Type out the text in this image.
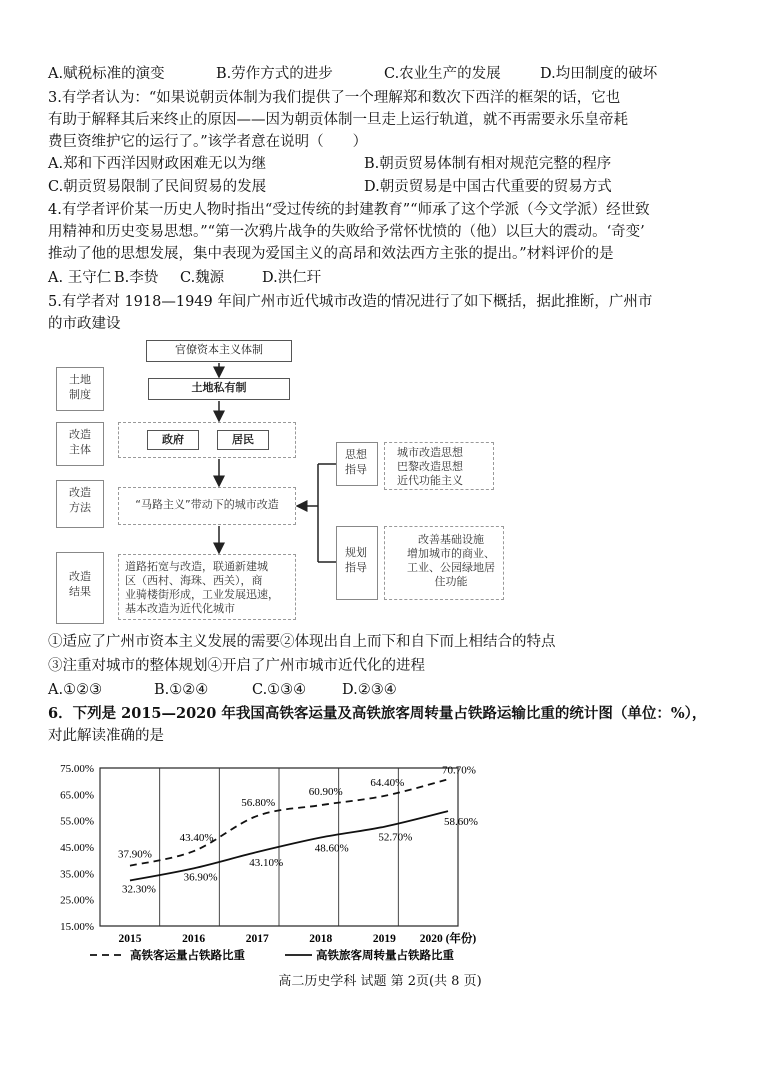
A.赋税标准的演变	B.劳作方式的进步	C.农业生产的发展	D.均田制度的破坏
3.有学者认为：“如果说朝贡体制为我们提供了一个理解郑和数次下西洋的框架的话，它也
有助于解释其后来终止的原因——因为朝贡体制一旦走上运行轨道，就不再需要永乐皇帝耗
费巨资维护它的运行了。”该学者意在说明（　　）
A.郑和下西洋因财政困难无以为继	B.朝贡贸易体制有相对规范完整的程序
C.朝贡贸易限制了民间贸易的发展	D.朝贡贸易是中国古代重要的贸易方式
4.有学者评价某一历史人物时指出“受过传统的封建教育”“师承了这个学派（今文学派）经世致
用精神和历史变易思想。”“第一次鸦片战争的失败给予常怀忧愤的（他）以巨大的震动。‘奇变’
推动了他的思想发展，集中表现为爱国主义的高昂和效法西方主张的提出。”材料评价的是
A. 王守仁 B.李贽 C.魏源	D.洪仁玕
5.有学者对 1918—1949 年间广州市近代城市改造的情况进行了如下概括，据此推断，广州市
的市政建设
土地
制度
改造
主体
改造
方法
改造
结果
官僚资本主义体制
土地私有制
政府	居民
“马路主义”带动下的城市改造
道路拓宽与改造，联通新建城
区（西村、海珠、西关），商
业骑楼街形成，工业发展迅速，
基本改造为近代化城市
思想
指导
城市改造思想
巴黎改造思想
近代功能主义
规划
指导
改善基础设施
增加城市的商业、
工业、公园绿地居
住功能
①适应了广州市资本主义发展的需要②体现出自上而下和自下而上相结合的特点
③注重对城市的整体规划④开启了广州市城市近代化的进程
A.①②③	B.①②④	C.①③④ D.②③④
6．下列是 2015—2020 年我国高铁客运量及高铁旅客周转量占铁路运输比重的统计图（单位：%），
对此解读准确的是
75.00%
65.00%
55.00%
45.00%
35.00%
25.00%
15.00%
2015	2016	2017	2018	2019 2020 (年份)
37.90%
43.40%
56.80%
60.90%
64.40%
70.70%
32.30%
36.90%
43.10%
48.60%
52.70%
58.60%
高铁客运量占铁路比重	高铁旅客周转量占铁路比重
高二历史学科 试题 第 2页(共 8 页)
